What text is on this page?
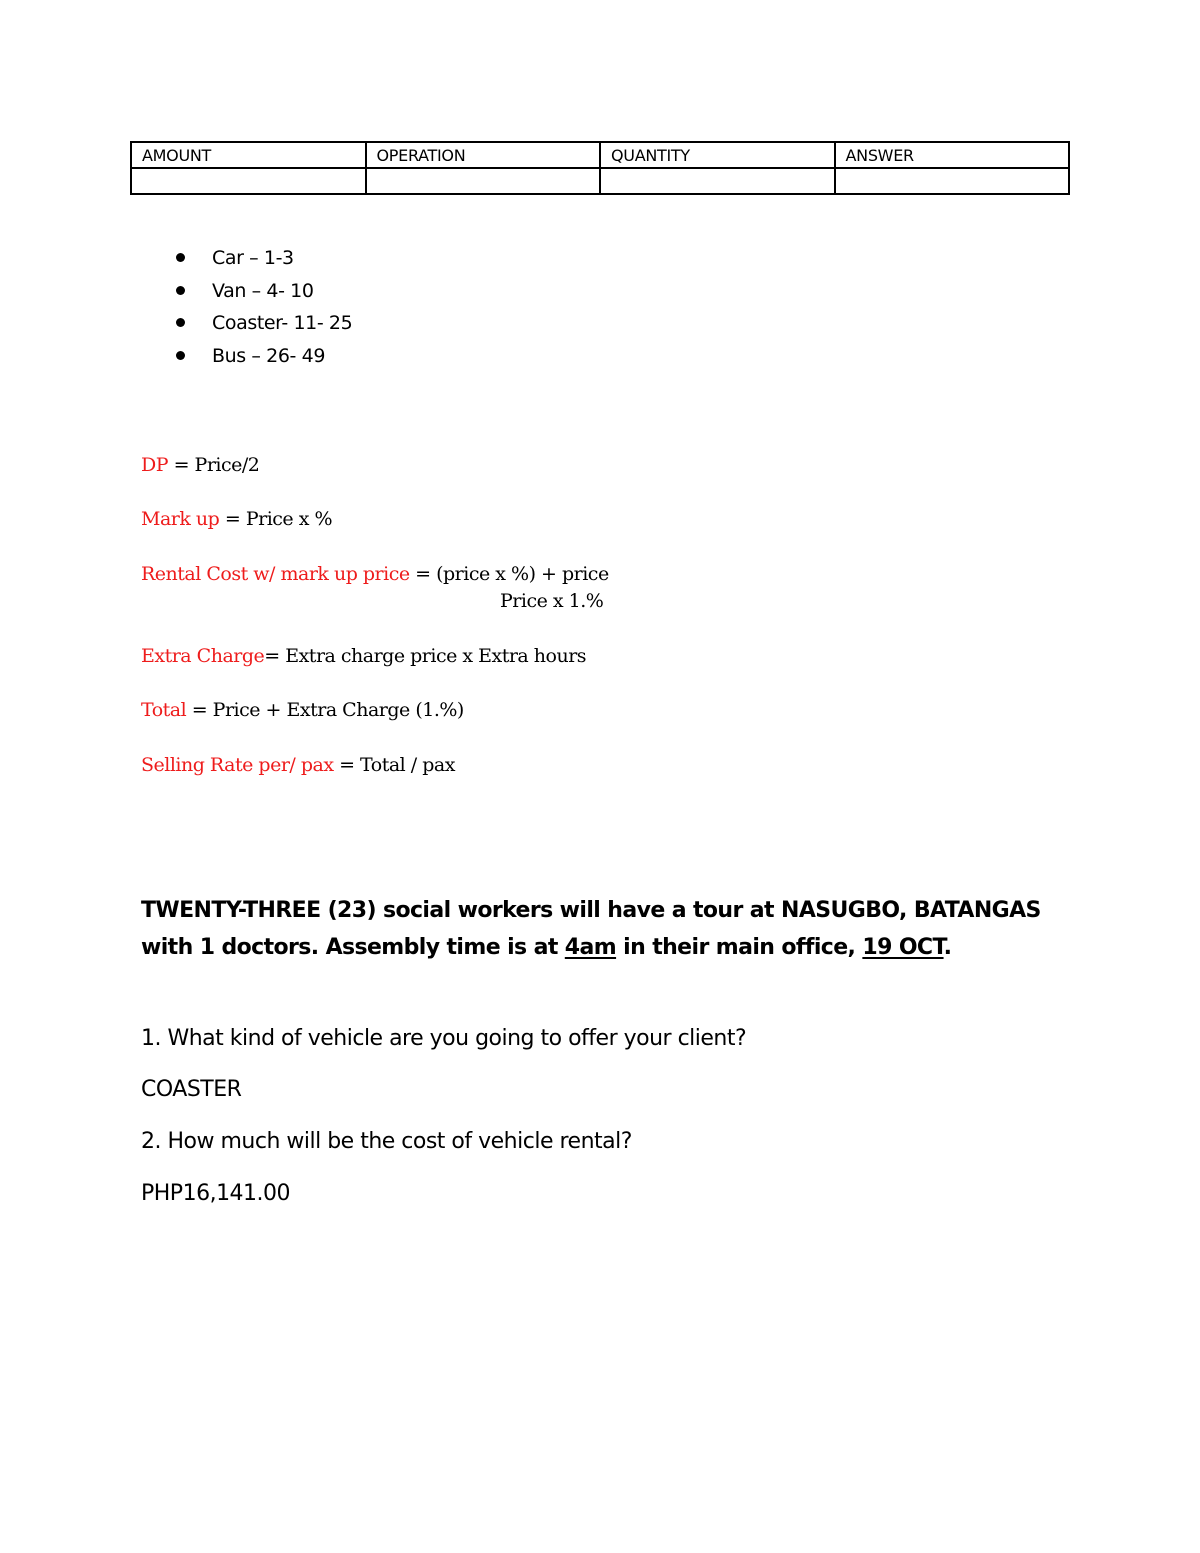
AMOUNT	OPERATION	QUANTITY	ANSWER

Car – 1-3
Van – 4- 10
Coaster- 11- 25
Bus – 26- 49
DP = Price/2
Mark up = Price x %
Rental Cost w/ mark up price = (price x %) + price
Price x 1.%
Extra Charge= Extra charge price x Extra hours
Total = Price + Extra Charge (1.%)
Selling Rate per/ pax = Total / pax
TWENTY-THREE (23) social workers will have a tour at NASUGBO, BATANGAS with 1 doctors. Assembly time is at 4am in their main office, 19 OCT.
1. What kind of vehicle are you going to offer your client?
COASTER
2. How much will be the cost of vehicle rental?
PHP16,141.00
